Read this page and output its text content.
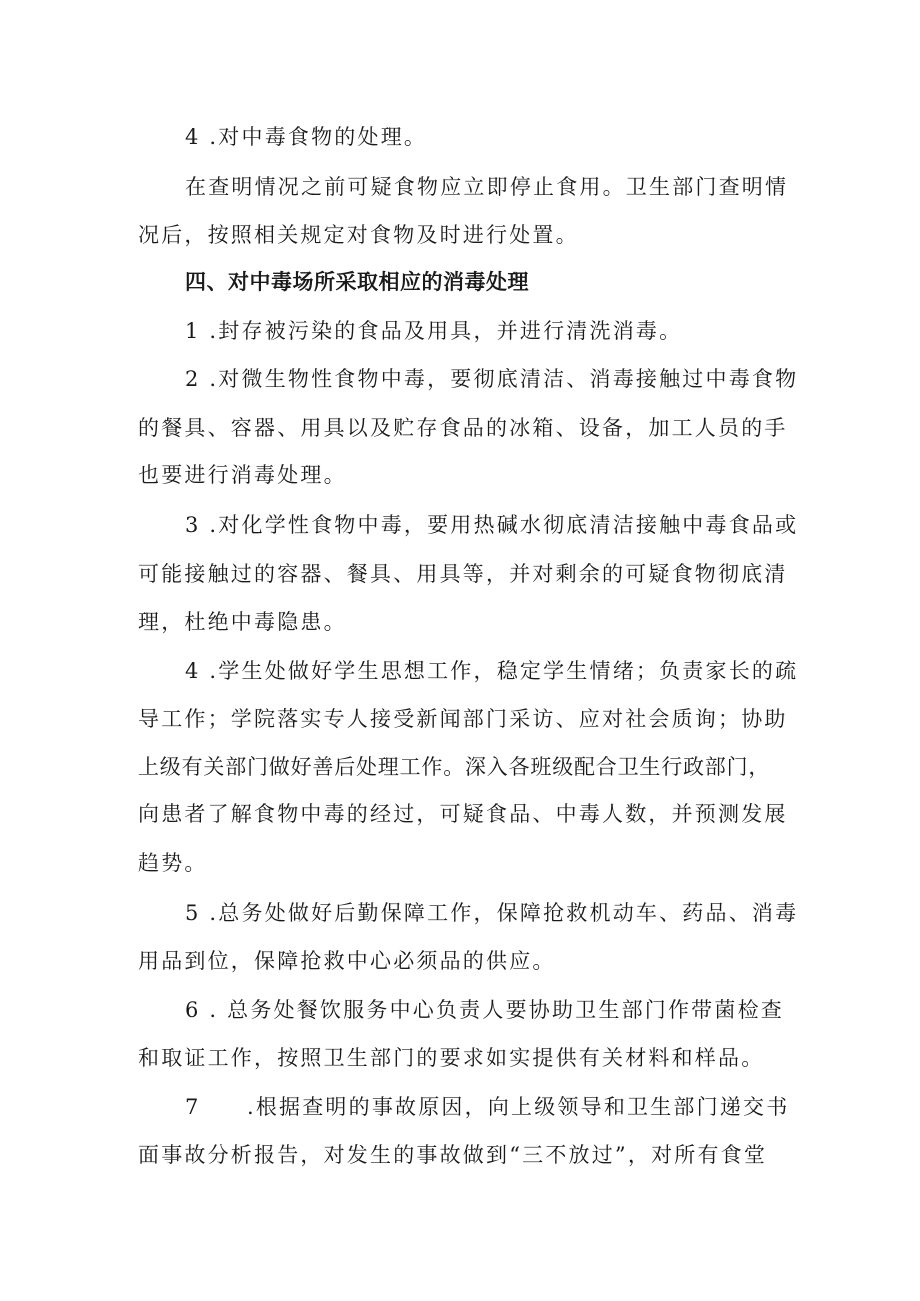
4 .对中毒食物的处理。
在查明情况之前可疑食物应立即停止食用。卫生部门查明情
况后，按照相关规定对食物及时进行处置。
四、对中毒场所采取相应的消毒处理
1 .封存被污染的食品及用具，并进行清洗消毒。
2 .对微生物性食物中毒，要彻底清洁、消毒接触过中毒食物
的餐具、容器、用具以及贮存食品的冰箱、设备，加工人员的手
也要进行消毒处理。
3 .对化学性食物中毒，要用热碱水彻底清洁接触中毒食品或
可能接触过的容器、餐具、用具等，并对剩余的可疑食物彻底清
理，杜绝中毒隐患。
4 .学生处做好学生思想工作，稳定学生情绪；负责家长的疏
导工作；学院落实专人接受新闻部门采访、应对社会质询；协助
上级有关部门做好善后处理工作。深入各班级配合卫生行政部门，
向患者了解食物中毒的经过，可疑食品、中毒人数，并预测发展
趋势。
5 .总务处做好后勤保障工作，保障抢救机动车、药品、消毒
用品到位，保障抢救中心必须品的供应。
6 . 总务处餐饮服务中心负责人要协助卫生部门作带菌检查
和取证工作，按照卫生部门的要求如实提供有关材料和样品。
7　　.根据查明的事故原因，向上级领导和卫生部门递交书
面事故分析报告，对发生的事故做到“三不放过”，对所有食堂
